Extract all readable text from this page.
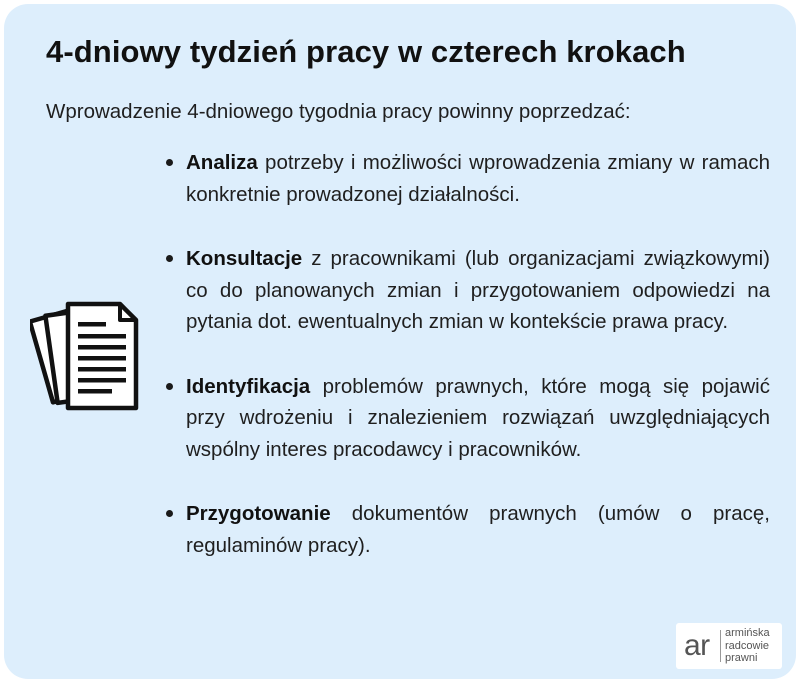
4-dniowy tydzień pracy w czterech krokach

Wprowadzenie 4-dniowego tygodnia pracy powinny poprzedzać:

Analiza potrzeby i możliwości wprowadzenia zmiany w ramach konkretnie prowadzonej działalności.
Konsultacje z pracownikami (lub organizacjami związkowymi) co do planowanych zmian i przygotowaniem odpowiedzi na pytania dot. ewentualnych zmian w kontekście prawa pracy.
Identyfikacja problemów prawnych, które mogą się pojawić przy wdrożeniu i znalezieniem rozwiązań uwzględniających wspólny interes pracodawcy i pracowników.
Przygotowanie dokumentów prawnych (umów o pracę, regulaminów pracy).
ar armińska
radcowie
prawni
